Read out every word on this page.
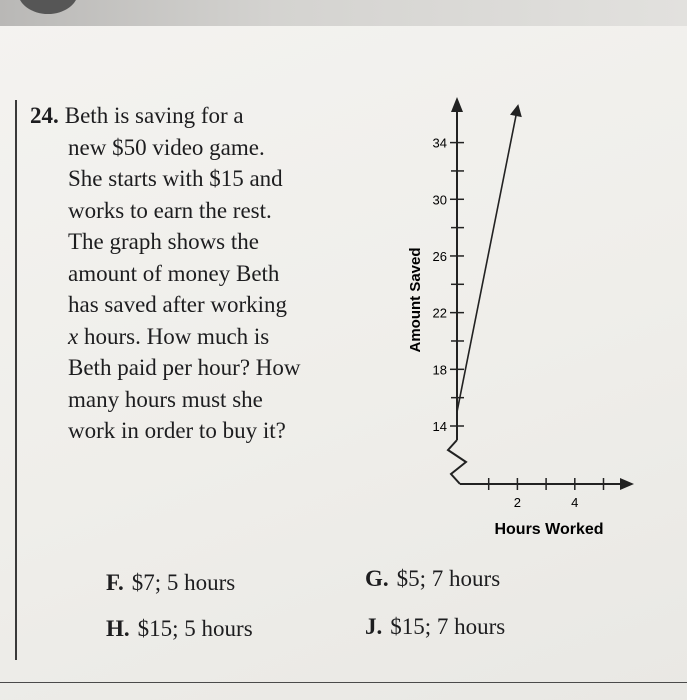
24. Beth is saving for a
new $50 video game.
She starts with $15 and
works to earn the rest.
The graph shows the
amount of money Beth
has saved after working
x hours. How much is
Beth paid per hour? How
many hours must she
work in order to buy it?	14
18
22
26
30
34
2	4
Amount Saved
Hours Worked
F. $7; 5 hours	G. $5; 7 hours
H. $15; 5 hours	J. $15; 7 hours
